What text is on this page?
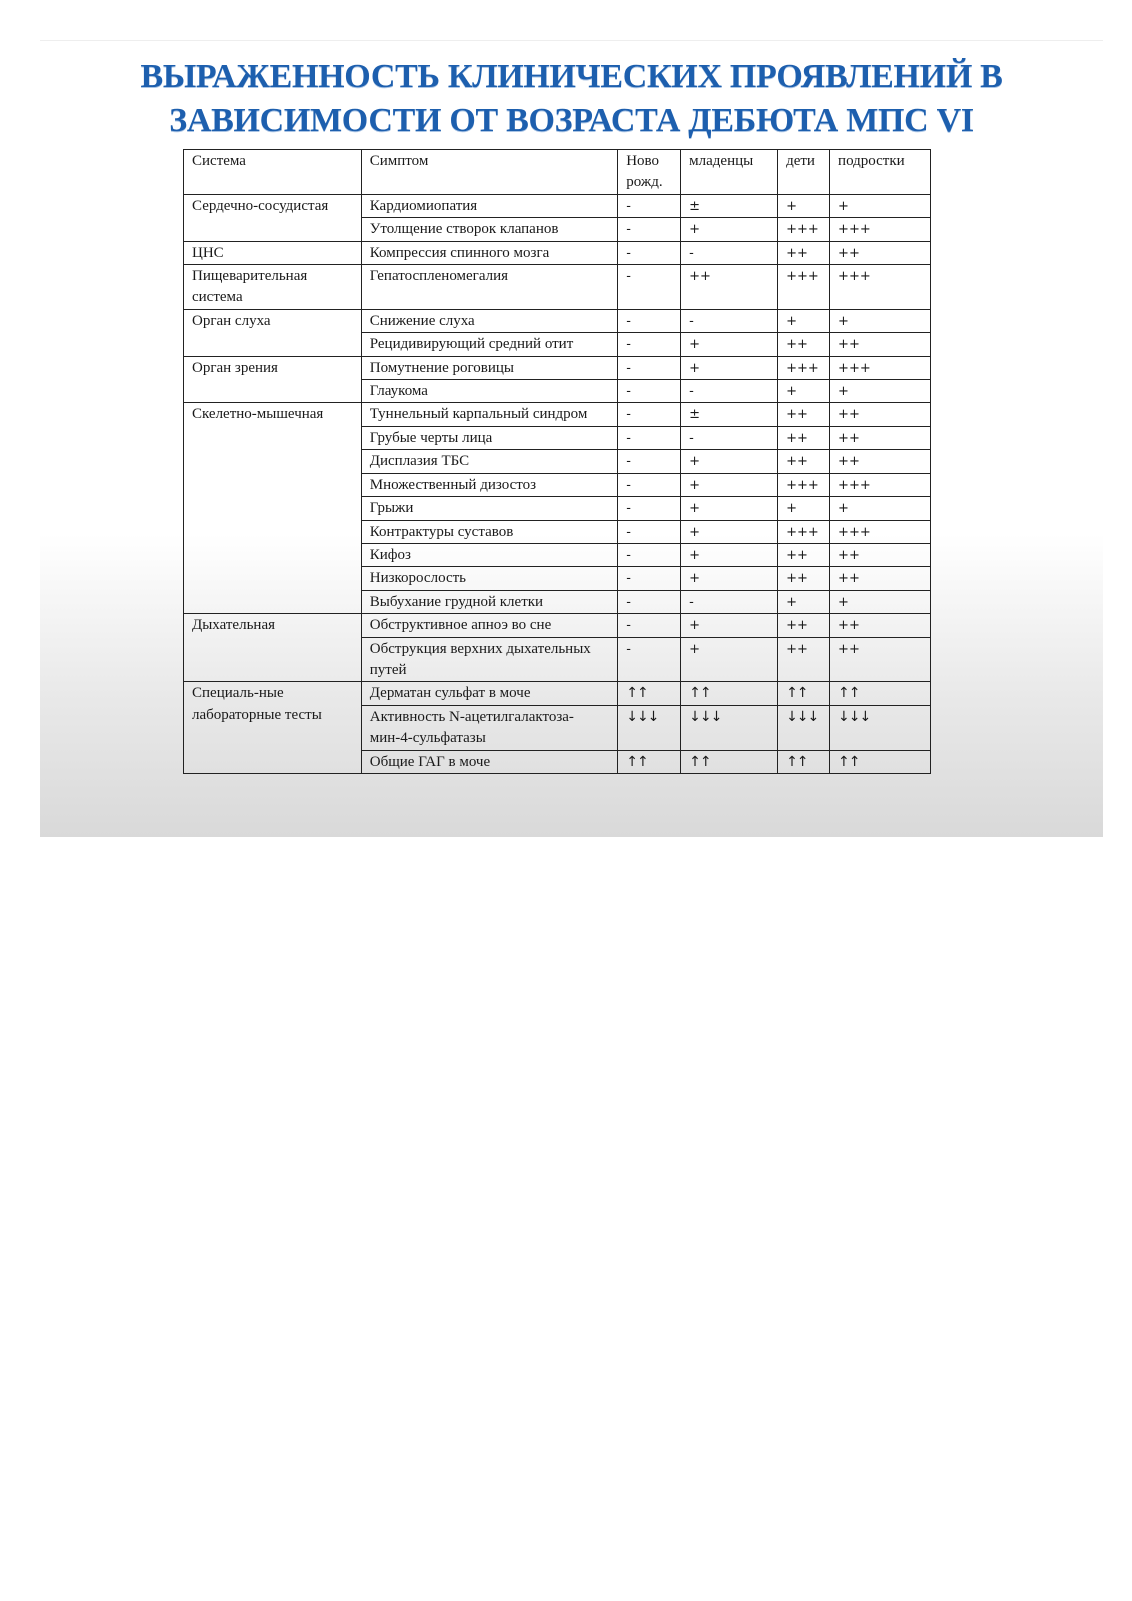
ВЫРАЖЕННОСТЬ КЛИНИЧЕСКИХ ПРОЯВЛЕНИЙ В
ЗАВИСИМОСТИ ОТ ВОЗРАСТА ДЕБЮТА МПС VI
Система	Симптом	Ново рожд.	младенцы	дети	подростки
Сердечно-сосудистая	Кардиомиопатия	-	±	+	+
	Утолщение створок клапанов	-	+	+++	+++
ЦНС	Компрессия спинного мозга	-	-	++	++
Пищеварительная система	Гепатоспленомегалия	-	++	+++	+++
Орган слуха	Снижение слуха	-	-	+	+
	Рецидивирующий средний отит	-	+	++	++
Орган зрения	Помутнение роговицы	-	+	+++	+++
	Глаукома	-	-	+	+
Скелетно-мышечная	Туннельный карпальный синдром	-	±	++	++
	Грубые черты лица	-	-	++	++
	Дисплазия ТБС	-	+	++	++
	Множественный дизостоз	-	+	+++	+++
	Грыжи	-	+	+	+
	Контрактуры суставов	-	+	+++	+++
	Кифоз	-	+	++	++
	Низкорослость	-	+	++	++
	Выбухание грудной клетки	-	-	+	+
Дыхательная	Обструктивное апноэ во сне	-	+	++	++
	Обструкция верхних дыхательных путей	-	+	++	++
Специаль-ные лабораторные тесты	Дерматан сульфат в моче	↑↑	↑↑	↑↑	↑↑
	Активность N-ацетилгалактоза-мин-4-сульфатазы	↓↓↓	↓↓↓	↓↓↓	↓↓↓
	Общие ГАГ в моче	↑↑	↑↑	↑↑	↑↑
